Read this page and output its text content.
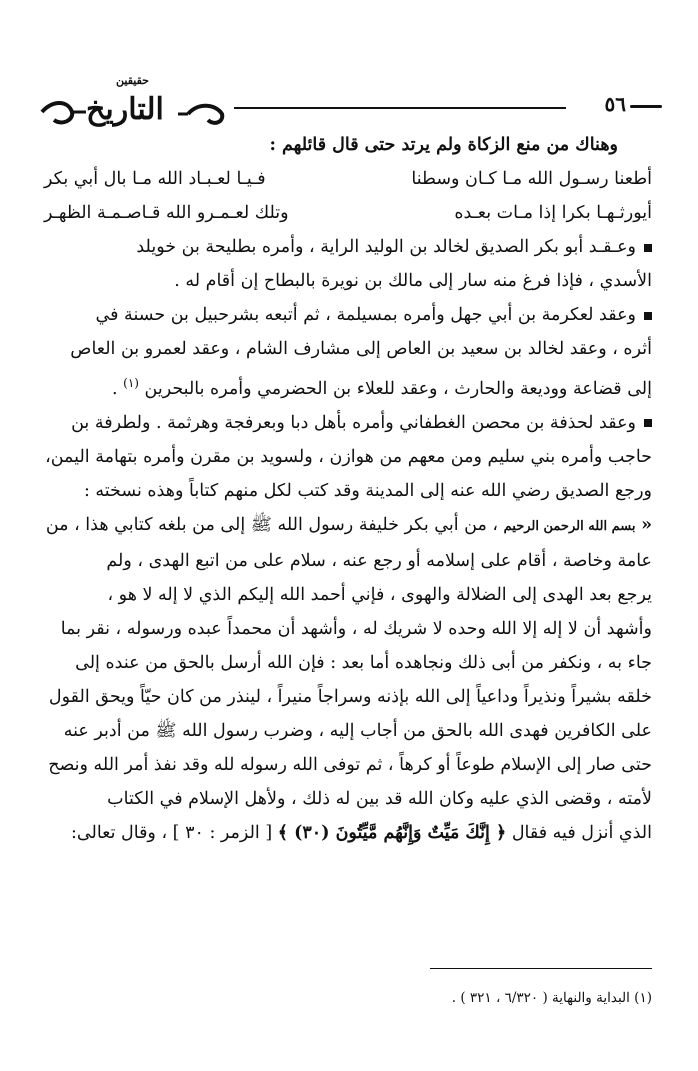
٥٦
حقيقين
التاريخ

وهناك من منع الزكاة ولم يرتد حتى قال قائلهم :

أطعنا رسـول الله مـا كـان وسطنا
فـيـا لعـبـاد الله مـا بال أبي بكر
أيورثـهـا بكرا إذا مـات بعـده
وتلك لعـمـرو الله قـاصـمـة الظهـر

وعـقـد أبو بكر الصديق لخالد بن الوليد الراية ، وأمره بطليحة بن خويلد
الأسدي ، فإذا فرغ منه سار إلى مالك بن نويرة بالبطاح إن أقام له .

وعقد لعكرمة بن أبي جهل وأمره بمسيلمة ، ثم أتبعه بشرحبيل بن حسنة في
أثره ، وعقد لخالد بن سعيد بن العاص إلى مشارف الشام ، وعقد لعمرو بن العاص
إلى قضاعة ووديعة والحارث ، وعقد للعلاء بن الحضرمي وأمره بالبحرين $^{(١)}$ .

وعقد لحذفة بن محصن الغطفاني وأمره بأهل دبا وبعرفجة وهرثمة . ولطرفة بن
حاجب وأمره بني سليم ومن معهم من هوازن ، ولسويد بن مقرن وأمره بتهامة اليمن،
ورجع الصديق رضي الله عنه إلى المدينة وقد كتب لكل منهم كتاباً وهذه نسخته :

« بسم الله الرحمن الرحيم ، من أبي بكر خليفة رسول الله ﷺ إلى من بلغه كتابي هذا ، من
عامة وخاصة ، أقام على إسلامه أو رجع عنه ، سلام على من اتبع الهدى ، ولم
يرجع بعد الهدى إلى الضلالة والهوى ، فإني أحمد الله إليكم الذي لا إله لا هو ،
وأشهد أن لا إله إلا الله وحده لا شريك له ، وأشهد أن محمداً عبده ورسوله ، نقر بما
جاء به ، ونكفر من أبى ذلك ونجاهده أما بعد : فإن الله أرسل بالحق من عنده إلى
خلقه بشيراً ونذيراً وداعياً إلى الله بإذنه وسراجاً منيراً ، لينذر من كان حيّاً ويحق القول
على الكافرين فهدى الله بالحق من أجاب إليه ، وضرب رسول الله ﷺ من أدبر عنه
حتى صار إلى الإسلام طوعاً أو كرهاً ، ثم توفى الله رسوله لله وقد نفذ أمر الله ونصح
لأمته ، وقضى الذي عليه وكان الله قد بين له ذلك ، ولأهل الإسلام في الكتاب
الذي أنزل فيه فقال ﴿ إِنَّكَ مَيِّتٌ وَإِنَّهُم مَّيِّتُونَ (٣٠) ﴾ [ الزمر : ٣٠ ] ، وقال تعالى:

(١) البداية والنهاية ( ٦/٣٢٠ ، ٣٢١ ) .
